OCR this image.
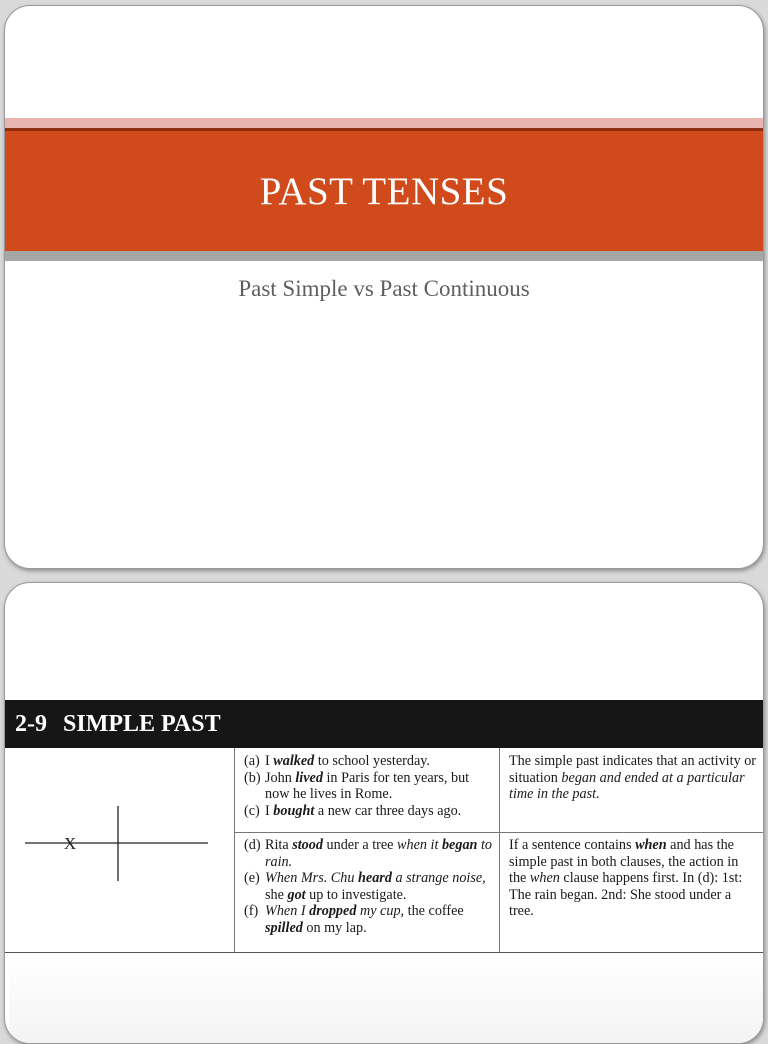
PAST TENSES
Past Simple vs Past Continuous
2-9 SIMPLE PAST
X
(a) I walked to school yesterday.
(b) John lived in Paris for ten years, but now he lives in Rome.
(c) I bought a new car three days ago.
The simple past indicates that an activity or situation began and ended at a particular time in the past.
(d) Rita stood under a tree when it began to rain.
(e) When Mrs. Chu heard a strange noise, she got up to investigate.
(f) When I dropped my cup, the coffee spilled on my lap.
If a sentence contains when and has the simple past in both clauses, the action in the when clause happens first. In (d): 1st: The rain began. 2nd: She stood under a tree.
